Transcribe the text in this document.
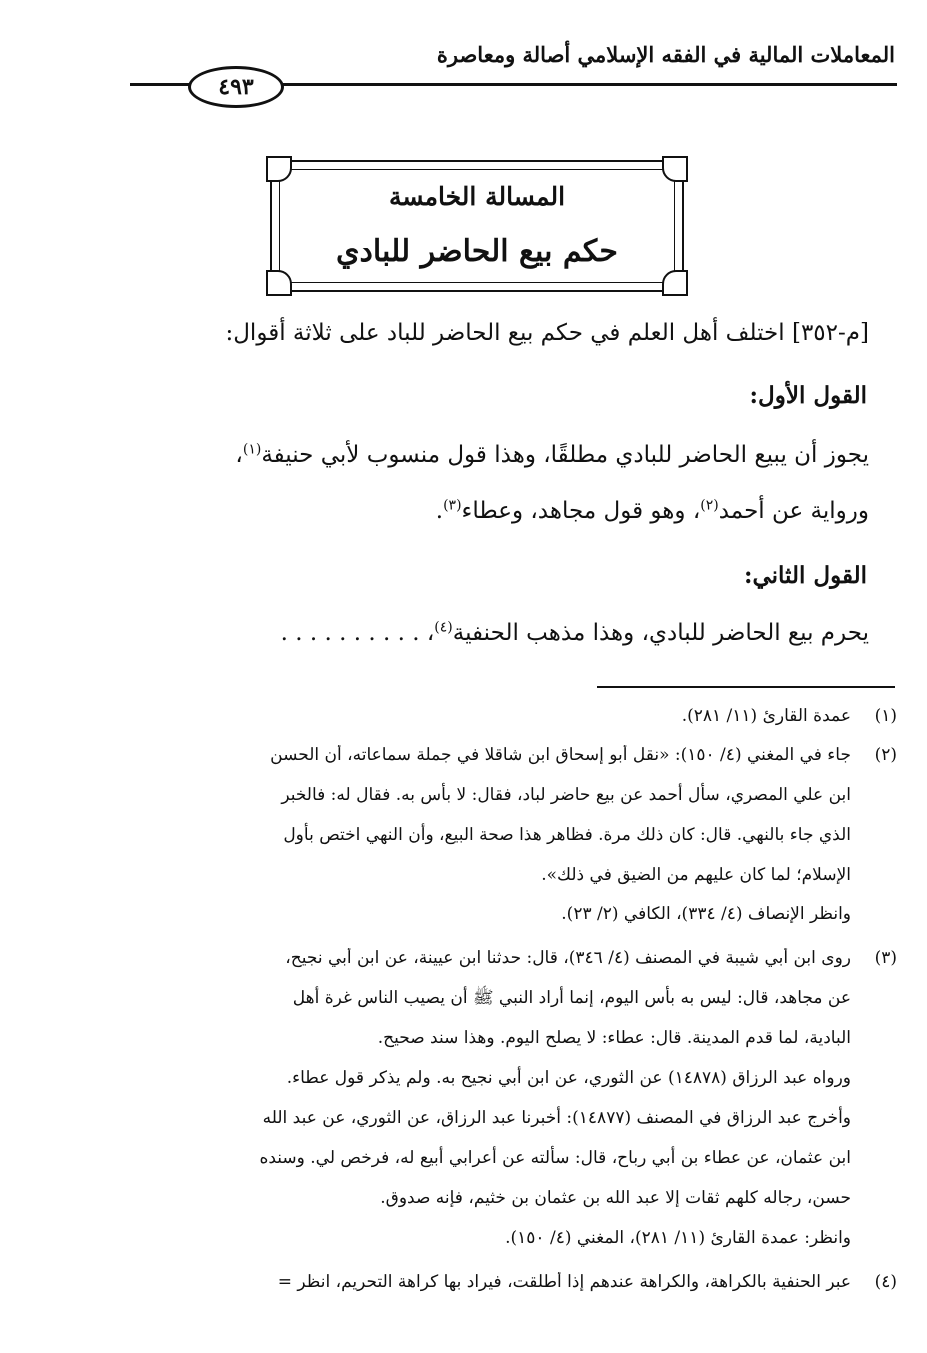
المعاملات المالية في الفقه الإسلامي أصالة ومعاصرة
٤٩٣
المسالة الخامسة
حكم بيع الحاضر للبادي
[م-٣٥٢] اختلف أهل العلم في حكم بيع الحاضر للباد على ثلاثة أقوال:
القول الأول:
يجوز أن يبيع الحاضر للبادي مطلقًا، وهذا قول منسوب لأبي حنيفة$^{(١)}$،
ورواية عن أحمد$^{(٢)}$، وهو قول مجاهد، وعطاء$^{(٣)}$.
القول الثاني:
يحرم بيع الحاضر للبادي، وهذا مذهب الحنفية$^{(٤)}$، . . . . . . . . . .
(١)
عمدة القارئ (١١/ ٢٨١).
(٢)
جاء في المغني (٤/ ١٥٠): «نقل أبو إسحاق ابن شاقلا في جملة سماعاته، أن الحسن
ابن علي المصري، سأل أحمد عن بيع حاضر لباد، فقال: لا بأس به. فقال له: فالخبر
الذي جاء بالنهي. قال: كان ذلك مرة. فظاهر هذا صحة البيع، وأن النهي اختص بأول
الإسلام؛ لما كان عليهم من الضيق في ذلك».
وانظر الإنصاف (٤/ ٣٣٤)، الكافي (٢/ ٢٣).
(٣)
روى ابن أبي شيبة في المصنف (٤/ ٣٤٦)، قال: حدثنا ابن عيينة، عن ابن أبي نجيح،
عن مجاهد، قال: ليس به بأس اليوم، إنما أراد النبي ﷺ أن يصيب الناس غرة أهل
البادية، لما قدم المدينة. قال: عطاء: لا يصلح اليوم. وهذا سند صحيح.
ورواه عبد الرزاق (١٤٨٧٨) عن الثوري، عن ابن أبي نجيح به. ولم يذكر قول عطاء.
وأخرج عبد الرزاق في المصنف (١٤٨٧٧): أخبرنا عبد الرزاق، عن الثوري، عن عبد الله
ابن عثمان، عن عطاء بن أبي رباح، قال: سألته عن أعرابي أبيع له، فرخص لي. وسنده
حسن، رجاله كلهم ثقات إلا عبد الله بن عثمان بن خثيم، فإنه صدوق.
وانظر: عمدة القارئ (١١/ ٢٨١)، المغني (٤/ ١٥٠).
(٤)
عبر الحنفية بالكراهة، والكراهة عندهم إذا أطلقت، فيراد بها كراهة التحريم، انظر =
